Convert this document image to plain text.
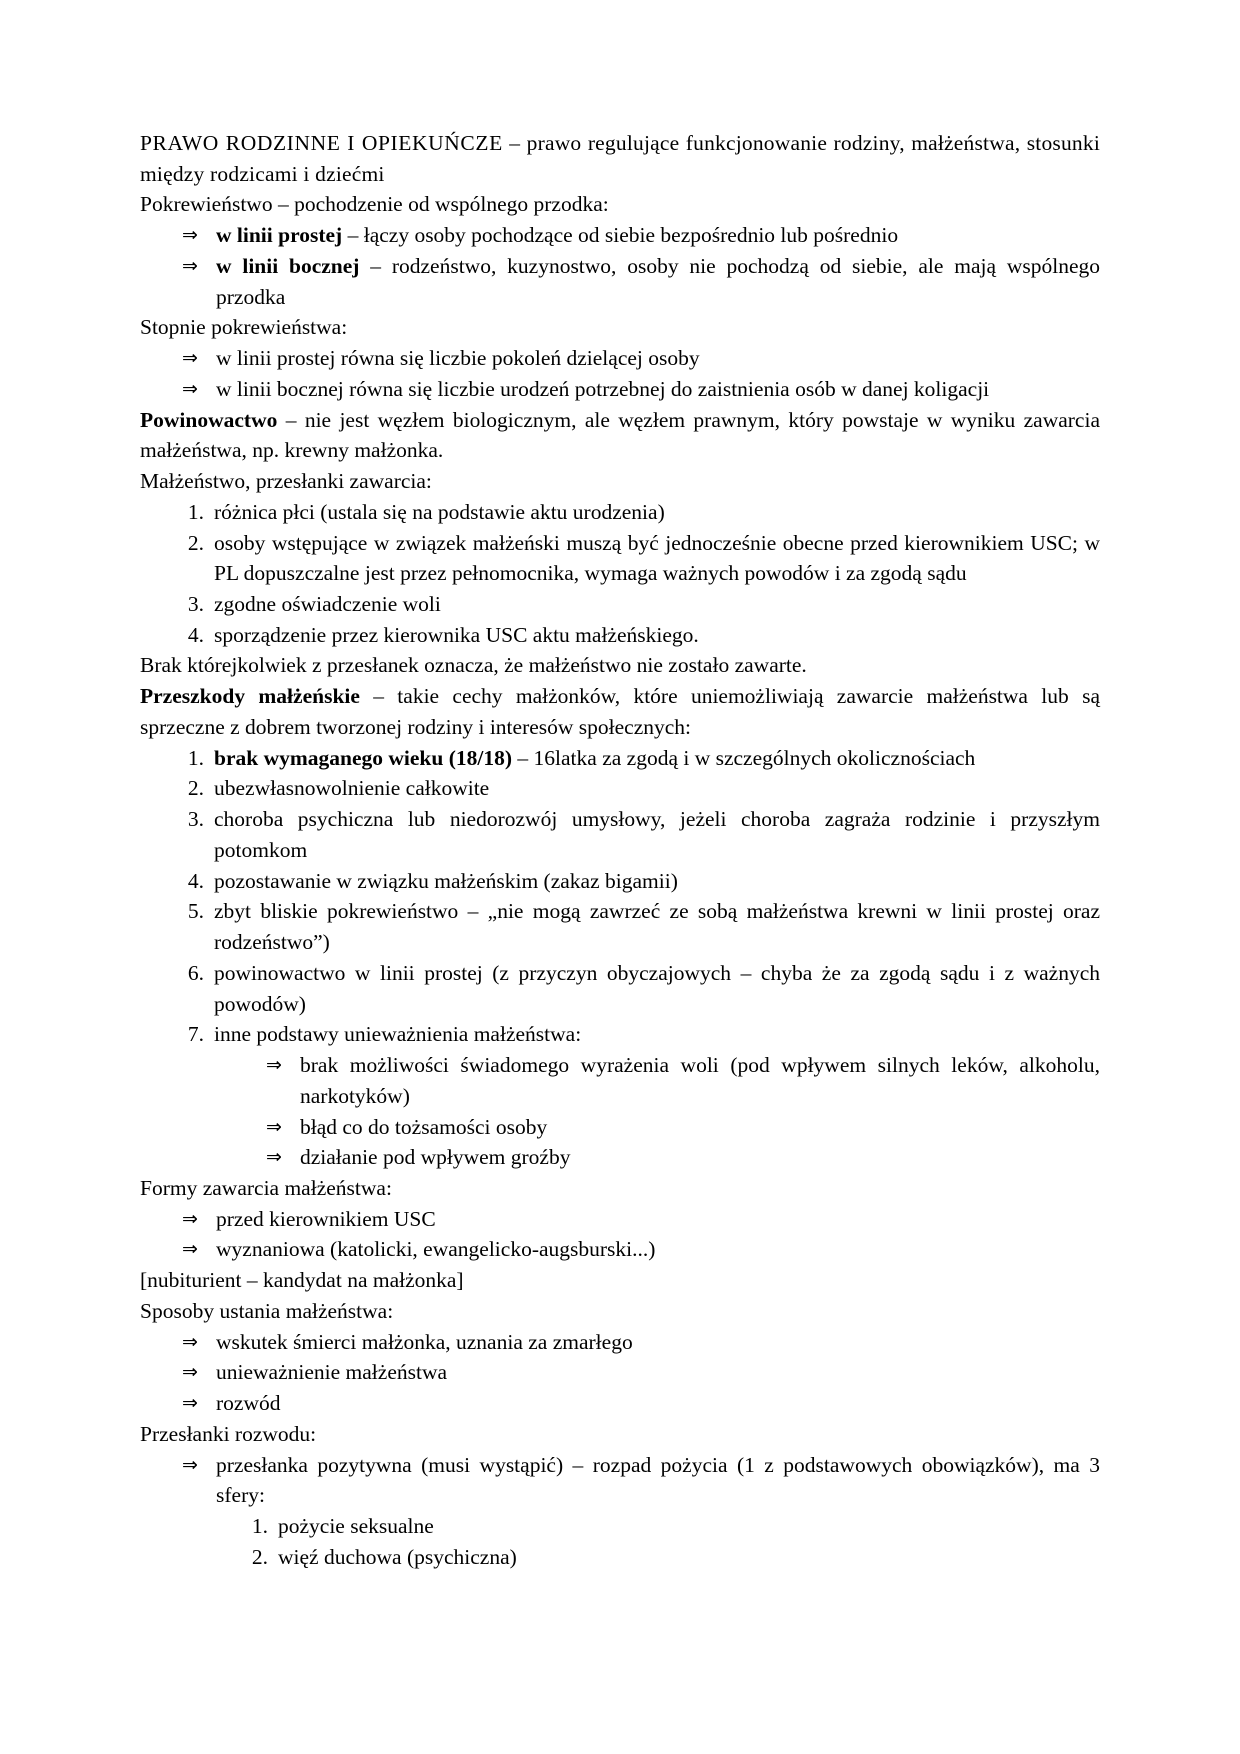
PRAWO RODZINNE I OPIEKUŃCZE – prawo regulujące funkcjonowanie rodziny, małżeństwa, stosunki między rodzicami i dziećmi

Pokrewieństwo – pochodzenie od wspólnego przodka:

⇒ w linii prostej – łączy osoby pochodzące od siebie bezpośrednio lub pośrednio
⇒ w linii bocznej – rodzeństwo, kuzynostwo, osoby nie pochodzą od siebie, ale mają wspólnego przodka

Stopnie pokrewieństwa:

⇒ w linii prostej równa się liczbie pokoleń dzielącej osoby
⇒ w linii bocznej równa się liczbie urodzeń potrzebnej do zaistnienia osób w danej koligacji

Powinowactwo – nie jest węzłem biologicznym, ale węzłem prawnym, który powstaje w wyniku zawarcia małżeństwa, np. krewny małżonka.

Małżeństwo, przesłanki zawarcia:

1. różnica płci (ustala się na podstawie aktu urodzenia)
2. osoby wstępujące w związek małżeński muszą być jednocześnie obecne przed kierownikiem USC; w PL dopuszczalne jest przez pełnomocnika, wymaga ważnych powodów i za zgodą sądu
3. zgodne oświadczenie woli
4. sporządzenie przez kierownika USC aktu małżeńskiego.

Brak którejkolwiek z przesłanek oznacza, że małżeństwo nie zostało zawarte.

Przeszkody małżeńskie – takie cechy małżonków, które uniemożliwiają zawarcie małżeństwa lub są sprzeczne z dobrem tworzonej rodziny i interesów społecznych:

1. brak wymaganego wieku (18/18) – 16latka za zgodą i w szczególnych okolicznościach
2. ubezwłasnowolnienie całkowite
3. choroba psychiczna lub niedorozwój umysłowy, jeżeli choroba zagraża rodzinie i przyszłym potomkom
4. pozostawanie w związku małżeńskim (zakaz bigamii)
5. zbyt bliskie pokrewieństwo – „nie mogą zawrzeć ze sobą małżeństwa krewni w linii prostej oraz rodzeństwo”)
6. powinowactwo w linii prostej (z przyczyn obyczajowych – chyba że za zgodą sądu i z ważnych powodów)
7. inne podstawy unieważnienia małżeństwa:
⇒ brak możliwości świadomego wyrażenia woli (pod wpływem silnych leków, alkoholu, narkotyków)
⇒ błąd co do tożsamości osoby
⇒ działanie pod wpływem groźby

Formy zawarcia małżeństwa:

⇒ przed kierownikiem USC
⇒ wyznaniowa (katolicki, ewangelicko-augsburski...)

[nubiturient – kandydat na małżonka]

Sposoby ustania małżeństwa:

⇒ wskutek śmierci małżonka, uznania za zmarłego
⇒ unieważnienie małżeństwa
⇒ rozwód

Przesłanki rozwodu:

⇒ przesłanka pozytywna (musi wystąpić) – rozpad pożycia (1 z podstawowych obowiązków), ma 3 sfery:
1. pożycie seksualne
2. więź duchowa (psychiczna)
